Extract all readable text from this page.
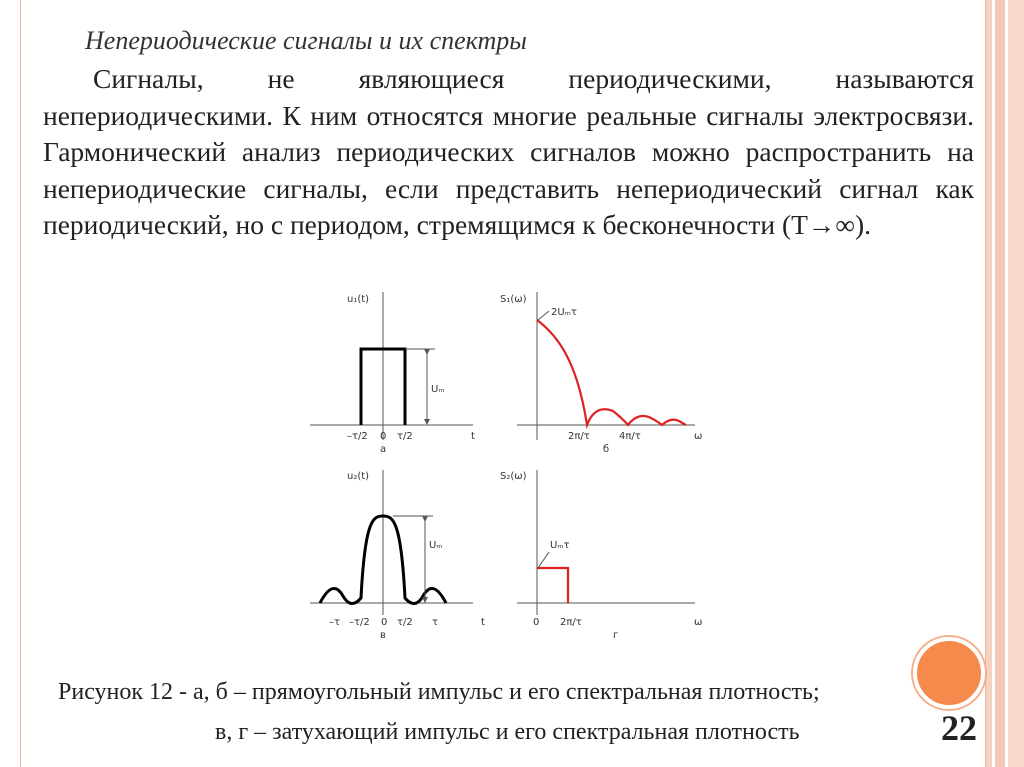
Непериодические сигналы и их спектры
Сигналы, не являющиеся периодическими, называются непериодическими. К ним относятся многие реальные сигналы электросвязи. Гармонический анализ периодических сигналов можно распространить на непериодические сигналы, если представить непериодический сигнал как периодический, но с периодом, стремящимся к бесконечности (T→∞).
u₁(t)
Uₘ
–τ/2 0 τ/2	t
а
S₁(ω)
2Uₘτ
2π/τ	4π/τ	ω
б
u₂(t)
Uₘ
–τ –τ/2 0 τ/2 τ	t
в
S₂(ω)
Uₘτ
0 2π/τ	ω
г
Рисунок 12 - а, б – прямоугольный импульс и его спектральная плотность;
в, г – затухающий импульс и его спектральная плотность	22
